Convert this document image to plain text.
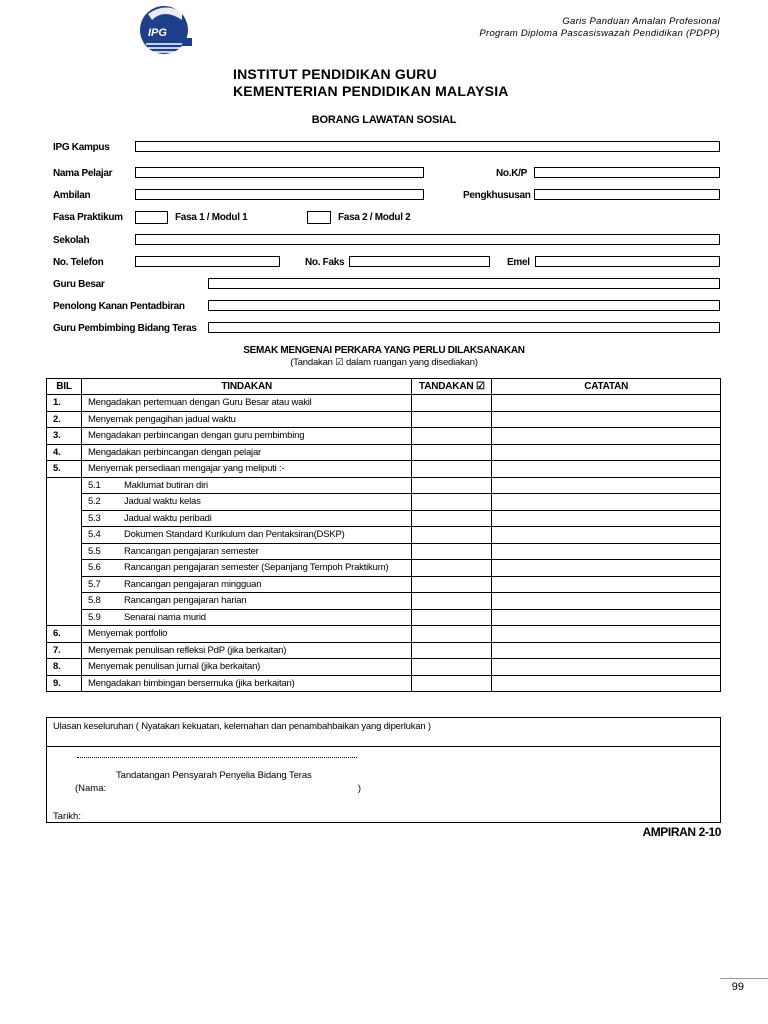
IPG
Garis Panduan Amalan Profesional
Program Diploma Pascasiswazah Pendidikan (PDPP)
INSTITUT PENDIDIKAN GURU
KEMENTERIAN PENDIDIKAN MALAYSIA
BORANG LAWATAN SOSIAL
IPG Kampus
Nama Pelajar	No.K/P
Ambilan	Pengkhususan
Fasa Praktikum	Fasa 1 / Modul 1	Fasa 2 / Modul 2
Sekolah
No. Telefon	No. Faks	Emel
Guru Besar
Penolong Kanan Pentadbiran
Guru Pembimbing Bidang Teras
SEMAK MENGENAI PERKARA YANG PERLU DILAKSANAKAN
(Tandakan ☑ dalam ruangan yang disediakan)
BIL	TINDAKAN	TANDAKAN ☑	CATATAN
1.	Mengadakan pertemuan dengan Guru Besar atau wakil		
2.	Menyemak pengagihan jadual waktu		
3.	Mengadakan perbincangan dengan guru pembimbing		
4.	Mengadakan perbincangan dengan pelajar		
5.	Menyemak persediaan mengajar yang meliputi :-		
	5.1 Maklumat butiran diri		
	5.2 Jadual waktu kelas		
	5.3 Jadual waktu peribadi		
	5.4 Dokumen Standard Kurikulum dan Pentaksiran(DSKP)		
	5.5 Rancangan pengajaran semester		
	5.6 Rancangan pengajaran semester (Sepanjang Tempoh Praktikum)		
	5.7 Rancangan pengajaran mingguan		
	5.8 Rancangan pengajaran harian		
	5.9 Senarai nama murid		
6.	Menyemak portfolio		
7.	Menyemak penulisan refleksi PdP (jika berkaitan)		
8.	Menyemak penulisan jurnal (jika berkaitan)		
9.	Mengadakan bimbingan bersemuka (jika berkaitan)		
Ulasan keseluruhan ( Nyatakan kekuatan, kelemahan dan penambahbaikan yang diperlukan )
Tandatangan Pensyarah Penyelia Bidang Teras
(Nama:	)
Tarikh:
AMPIRAN 2-10
99
